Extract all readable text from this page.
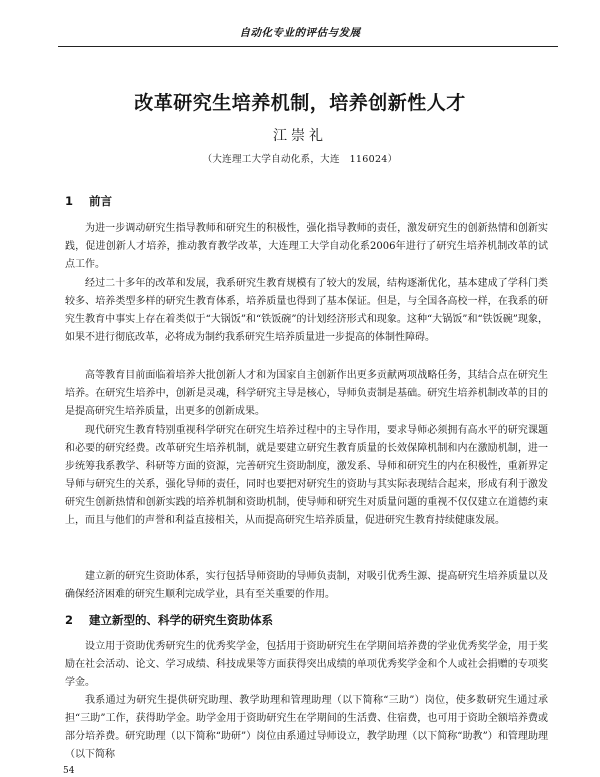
自动化专业的评估与发展
改革研究生培养机制，培养创新性人才
江崇礼
（大连理工大学自动化系，大连　116024）
1 前言

为进一步调动研究生指导教师和研究生的积极性，强化指导教师的责任，激发研究生的创新热情和创新实践，促进创新人才培养，推动教育教学改革，大连理工大学自动化系2006年进行了研究生培养机制改革的试点工作。

经过二十多年的改革和发展，我系研究生教育规模有了较大的发展，结构逐渐优化，基本建成了学科门类较多、培养类型多样的研究生教育体系，培养质量也得到了基本保证。但是，与全国各高校一样，在我系的研究生教育中事实上存在着类似于“大锅饭”和“铁饭碗”的计划经济形式和现象。这种“大锅饭”和“铁饭碗”现象，如果不进行彻底改革，必将成为制约我系研究生培养质量进一步提高的体制性障碍。

高等教育目前面临着培养大批创新人才和为国家自主创新作出更多贡献两项战略任务，其结合点在研究生培养。在研究生培养中，创新是灵魂，科学研究主导是核心，导师负责制是基础。研究生培养机制改革的目的是提高研究生培养质量，出更多的创新成果。

现代研究生教育特别重视科学研究在研究生培养过程中的主导作用，要求导师必须拥有高水平的研究课题和必要的研究经费。改革研究生培养机制，就是要建立研究生教育质量的长效保障机制和内在激励机制，进一步统筹我系教学、科研等方面的资源，完善研究生资助制度，激发系、导师和研究生的内在积极性，重新界定导师与研究生的关系，强化导师的责任，同时也要把对研究生的资助与其实际表现结合起来，形成有利于激发研究生创新热情和创新实践的培养机制和资助机制，使导师和研究生对质量问题的重视不仅仅建立在道德约束上，而且与他们的声誉和利益直接相关，从而提高研究生培养质量，促进研究生教育持续健康发展。

建立新的研究生资助体系，实行包括导师资助的导师负责制，对吸引优秀生源、提高研究生培养质量以及确保经济困难的研究生顺利完成学业，具有至关重要的作用。

2 建立新型的、科学的研究生资助体系

设立用于资助优秀研究生的优秀奖学金，包括用于资助研究生在学期间培养费的学业优秀奖学金，用于奖励在社会活动、论文、学习成绩、科技成果等方面获得突出成绩的单项优秀奖学金和个人或社会捐赠的专项奖学金。

我系通过为研究生提供研究助理、教学助理和管理助理（以下简称“三助”）岗位，使多数研究生通过承担“三助”工作，获得助学金。助学金用于资助研究生在学期间的生活费、住宿费，也可用于资助全额培养费或部分培养费。研究助理（以下简称“助研”）岗位由系通过导师设立，教学助理（以下简称“助教”）和管理助理（以下简称

54
